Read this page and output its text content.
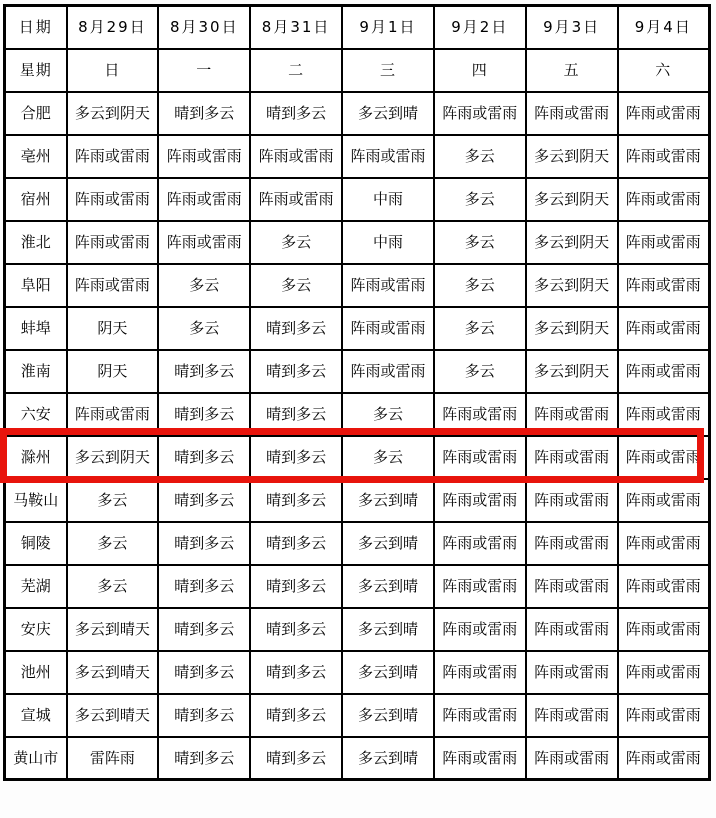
日期	8月29日	8月30日	8月31日	9月1日	9月2日	9月3日	9月4日
星期	日	一	二	三	四	五	六
合肥	多云到阴天	晴到多云	晴到多云	多云到晴	阵雨或雷雨	阵雨或雷雨	阵雨或雷雨
亳州	阵雨或雷雨	阵雨或雷雨	阵雨或雷雨	阵雨或雷雨	多云	多云到阴天	阵雨或雷雨
宿州	阵雨或雷雨	阵雨或雷雨	阵雨或雷雨	中雨	多云	多云到阴天	阵雨或雷雨
淮北	阵雨或雷雨	阵雨或雷雨	多云	中雨	多云	多云到阴天	阵雨或雷雨
阜阳	阵雨或雷雨	多云	多云	阵雨或雷雨	多云	多云到阴天	阵雨或雷雨
蚌埠	阴天	多云	晴到多云	阵雨或雷雨	多云	多云到阴天	阵雨或雷雨
淮南	阴天	晴到多云	晴到多云	阵雨或雷雨	多云	多云到阴天	阵雨或雷雨
六安	阵雨或雷雨	晴到多云	晴到多云	多云	阵雨或雷雨	阵雨或雷雨	阵雨或雷雨
滁州	多云到阴天	晴到多云	晴到多云	多云	阵雨或雷雨	阵雨或雷雨	阵雨或雷雨
马鞍山	多云	晴到多云	晴到多云	多云到晴	阵雨或雷雨	阵雨或雷雨	阵雨或雷雨
铜陵	多云	晴到多云	晴到多云	多云到晴	阵雨或雷雨	阵雨或雷雨	阵雨或雷雨
芜湖	多云	晴到多云	晴到多云	多云到晴	阵雨或雷雨	阵雨或雷雨	阵雨或雷雨
安庆	多云到晴天	晴到多云	晴到多云	多云到晴	阵雨或雷雨	阵雨或雷雨	阵雨或雷雨
池州	多云到晴天	晴到多云	晴到多云	多云到晴	阵雨或雷雨	阵雨或雷雨	阵雨或雷雨
宣城	多云到晴天	晴到多云	晴到多云	多云到晴	阵雨或雷雨	阵雨或雷雨	阵雨或雷雨
黄山市	雷阵雨	晴到多云	晴到多云	多云到晴	阵雨或雷雨	阵雨或雷雨	阵雨或雷雨
